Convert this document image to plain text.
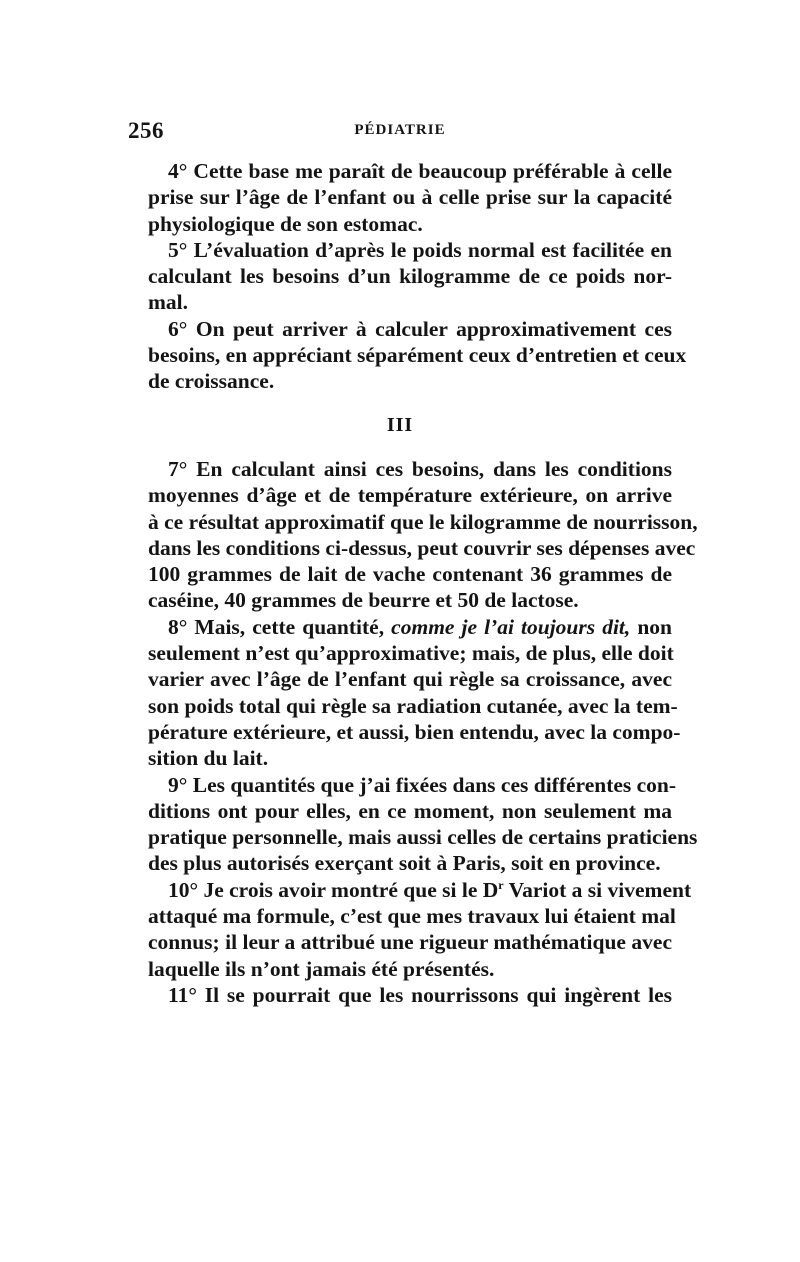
256	PÉDIATRIE

4° Cette base me paraît de beaucoup préférable à celle
prise sur l’âge de l’enfant ou à celle prise sur la capacité
physiologique de son estomac.

5° L’évaluation d’après le poids normal est facilitée en
calculant les besoins d’un kilogramme de ce poids nor-
mal.

6° On peut arriver à calculer approximativement ces
besoins, en appréciant séparément ceux d’entretien et ceux
de croissance.

III

7° En calculant ainsi ces besoins, dans les conditions
moyennes d’âge et de température extérieure, on arrive
à ce résultat approximatif que le kilogramme de nourrisson,
dans les conditions ci-dessus, peut couvrir ses dépenses avec
100 grammes de lait de vache contenant 36 grammes de
caséine, 40 grammes de beurre et 50 de lactose.

8° Mais, cette quantité, comme je l’ai toujours dit, non
seulement n’est qu’approximative; mais, de plus, elle doit
varier avec l’âge de l’enfant qui règle sa croissance, avec
son poids total qui règle sa radiation cutanée, avec la tem-
pérature extérieure, et aussi, bien entendu, avec la compo-
sition du lait.

9° Les quantités que j’ai fixées dans ces différentes con-
ditions ont pour elles, en ce moment, non seulement ma
pratique personnelle, mais aussi celles de certains praticiens
des plus autorisés exerçant soit à Paris, soit en province.

10° Je crois avoir montré que si le $D^r$ Variot a si vivement
attaqué ma formule, c’est que mes travaux lui étaient mal
connus; il leur a attribué une rigueur mathématique avec
laquelle ils n’ont jamais été présentés.

11° Il se pourrait que les nourrissons qui ingèrent les
